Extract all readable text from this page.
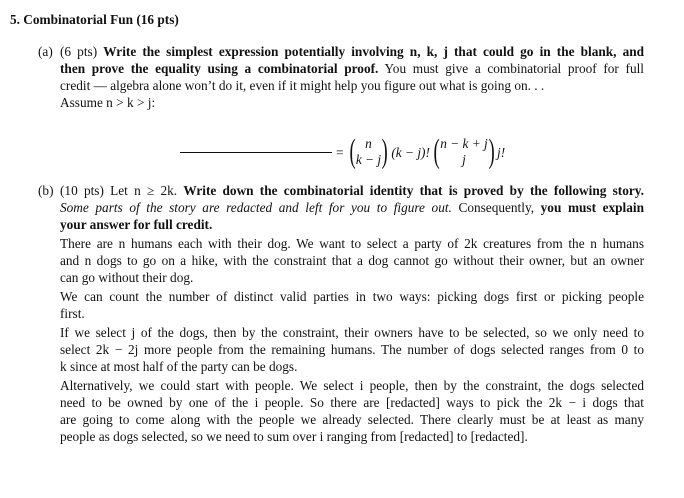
5. Combinatorial Fun (16 pts)
(a) (6 pts) Write the simplest expression potentially involving n, k, j that could go in the blank, and
then prove the equality using a combinatorial proof. You must give a combinatorial proof for full
credit — algebra alone won’t do it, even if it might help you figure out what is going on. . .
Assume n > k > j:
= ( n
k − j ) (k − j)! ( n − k + j
j ) j!
(b) (10 pts) Let n ≥ 2k. Write down the combinatorial identity that is proved by the following story.
Some parts of the story are redacted and left for you to figure out. Consequently, you must explain
your answer for full credit.
There are n humans each with their dog. We want to select a party of 2k creatures from the n humans
and n dogs to go on a hike, with the constraint that a dog cannot go without their owner, but an owner
can go without their dog.
We can count the number of distinct valid parties in two ways: picking dogs first or picking people
first.
If we select j of the dogs, then by the constraint, their owners have to be selected, so we only need to
select 2k − 2j more people from the remaining humans. The number of dogs selected ranges from 0 to
k since at most half of the party can be dogs.
Alternatively, we could start with people. We select i people, then by the constraint, the dogs selected
need to be owned by one of the i people. So there are [redacted] ways to pick the 2k − i dogs that
are going to come along with the people we already selected. There clearly must be at least as many
people as dogs selected, so we need to sum over i ranging from [redacted] to [redacted].
